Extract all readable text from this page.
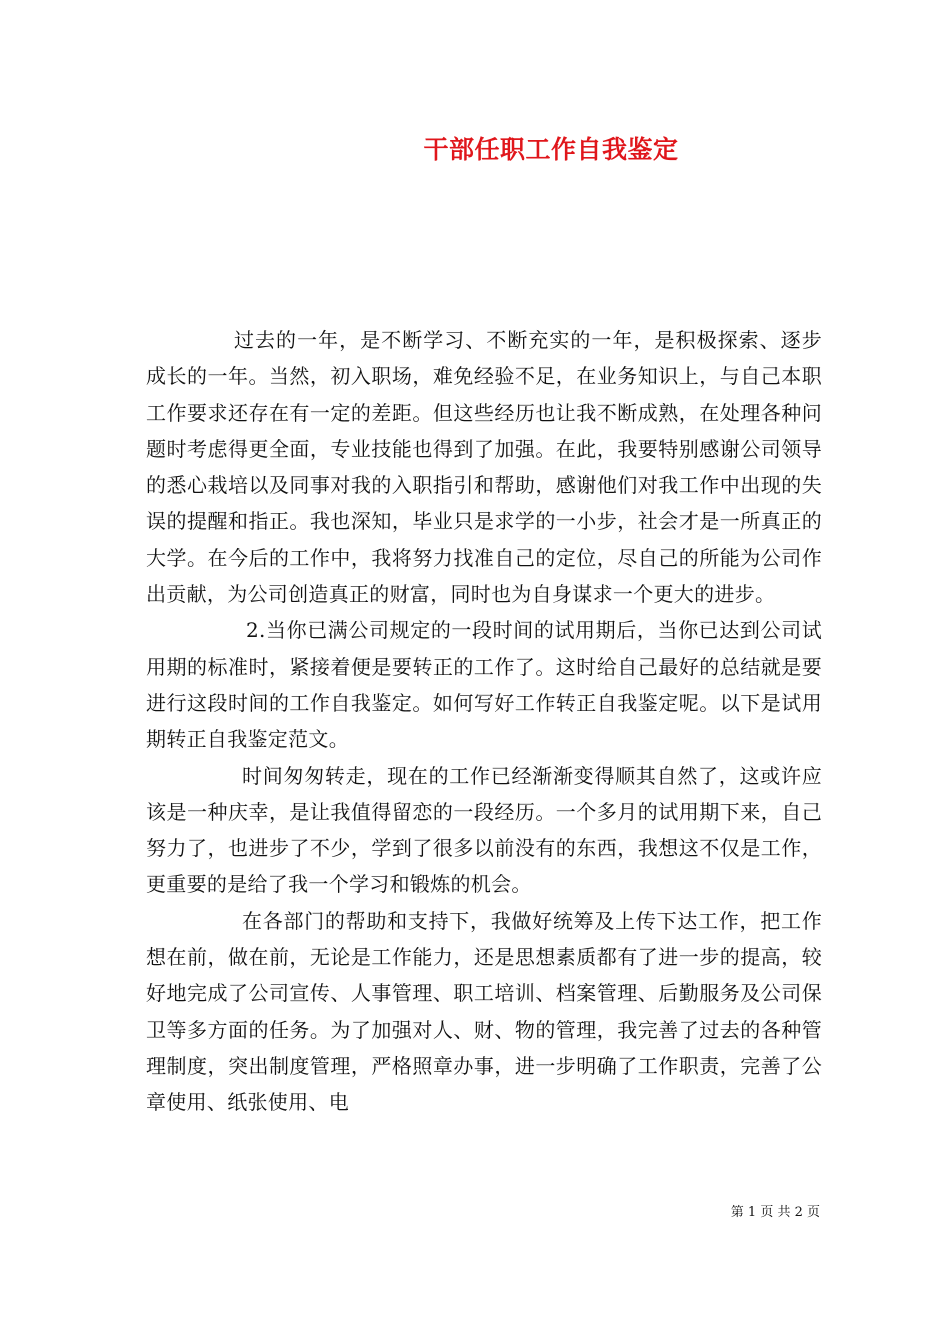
干部任职工作自我鉴定

过去的一年，是不断学习、不断充实的一年，是积极探索、逐步成长的一年。当然，初入职场，难免经验不足，在业务知识上，与自己本职工作要求还存在有一定的差距。但这些经历也让我不断成熟，在处理各种问题时考虑得更全面，专业技能也得到了加强。在此，我要特别感谢公司领导的悉心栽培以及同事对我的入职指引和帮助，感谢他们对我工作中出现的失误的提醒和指正。我也深知，毕业只是求学的一小步，社会才是一所真正的大学。在今后的工作中，我将努力找准自己的定位，尽自己的所能为公司作出贡献，为公司创造真正的财富，同时也为自身谋求一个更大的进步。

2.当你已满公司规定的一段时间的试用期后，当你已达到公司试用期的标准时，紧接着便是要转正的工作了。这时给自己最好的总结就是要进行这段时间的工作自我鉴定。如何写好工作转正自我鉴定呢。以下是试用期转正自我鉴定范文。

时间匆匆转走，现在的工作已经渐渐变得顺其自然了，这或许应该是一种庆幸，是让我值得留恋的一段经历。一个多月的试用期下来，自己努力了，也进步了不少，学到了很多以前没有的东西，我想这不仅是工作，更重要的是给了我一个学习和锻炼的机会。

在各部门的帮助和支持下，我做好统筹及上传下达工作，把工作想在前，做在前，无论是工作能力，还是思想素质都有了进一步的提高，较好地完成了公司宣传、人事管理、职工培训、档案管理、后勤服务及公司保卫等多方面的任务。为了加强对人、财、物的管理，我完善了过去的各种管理制度，突出制度管理，严格照章办事，进一步明确了工作职责，完善了公章使用、纸张使用、电

第 1 页 共 2 页
